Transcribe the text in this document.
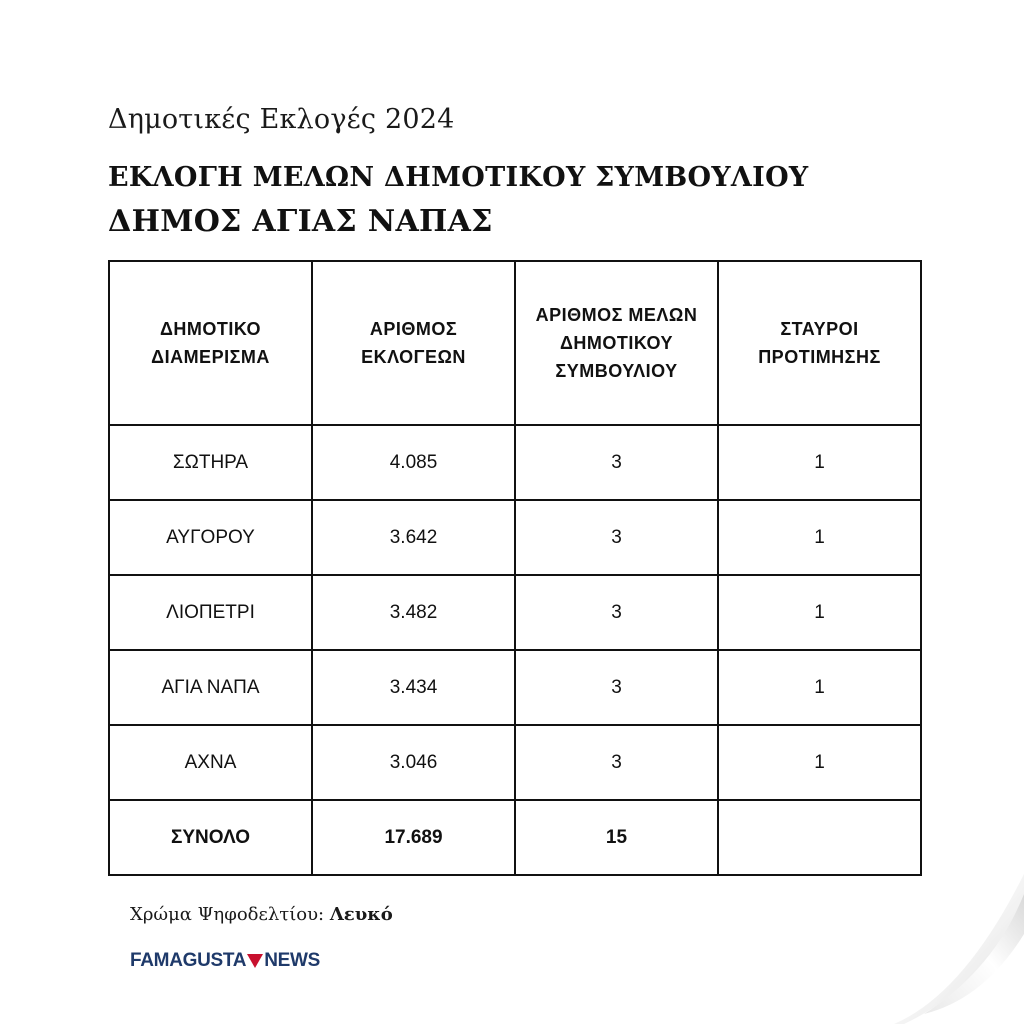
Δημοτικές Εκλογές 2024
ΕΚΛΟΓΗ ΜΕΛΩΝ ΔΗΜΟΤΙΚΟΥ ΣΥΜΒΟΥΛΙΟΥ
ΔΗΜΟΣ ΑΓΙΑΣ ΝΑΠΑΣ
ΔΗΜΟΤΙΚΟ ΔΙΑΜΕΡΙΣΜΑ	ΑΡΙΘΜΟΣ ΕΚΛΟΓΕΩΝ	ΑΡΙΘΜΟΣ ΜΕΛΩΝ ΔΗΜΟΤΙΚΟΥ ΣΥΜΒΟΥΛΙΟΥ	ΣΤΑΥΡΟΙ ΠΡΟΤΙΜΗΣΗΣ
ΣΩΤΗΡΑ	4.085	3	1
ΑΥΓΟΡΟΥ	3.642	3	1
ΛΙΟΠΕΤΡΙ	3.482	3	1
ΑΓΙΑ ΝΑΠΑ	3.434	3	1
ΑΧΝΑ	3.046	3	1
ΣΥΝΟΛΟ	17.689	15	
Χρώμα Ψηφοδελτίου: Λευκό
FAMAGUSTA NEWS
